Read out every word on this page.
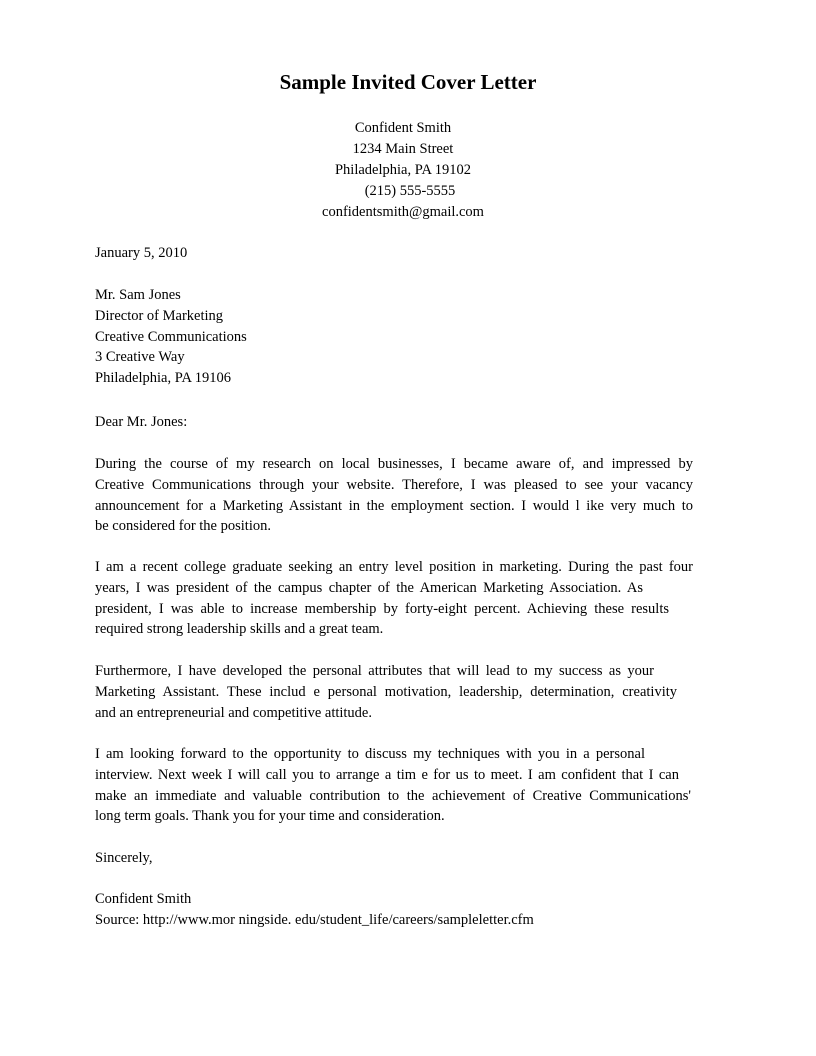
Sample Invited Cover Letter
Confident Smith
1234 Main Street
Philadelphia, PA 19102
(215) 555-5555
confidentsmith@gmail.com
January 5, 2010
Mr. Sam Jones
Director of Marketing
Creative Communications
3 Creative Way
Philadelphia, PA 19106
Dear Mr. Jones:
During the course of my research on local businesses, I became aware of, and impressed by
Creative Communications through your website. Therefore, I was pleased to see your vacancy
announcement for a Marketing Assistant in the employment section. I would l ike very much to
be considered for the position.
I am a recent college graduate seeking an entry level position in marketing. During the past four
years, I was president of the campus chapter of the American Marketing Association. As
president, I was able to increase membership by forty-eight percent. Achieving these results
required strong leadership skills and a great team.
Furthermore, I have developed the personal attributes that will lead to my success as your
Marketing Assistant. These includ e personal motivation, leadership, determination, creativity
and an entrepreneurial and competitive attitude.
I am looking forward to the opportunity to discuss my techniques with you in a personal
interview. Next week I will call you to arrange a tim e for us to meet. I am confident that I can
make an immediate and valuable contribution to the achievement of Creative Communications'
long term goals. Thank you for your time and consideration.
Sincerely,
Confident Smith
Source: http://www.mor ningside. edu/student_life/careers/sampleletter.cfm
